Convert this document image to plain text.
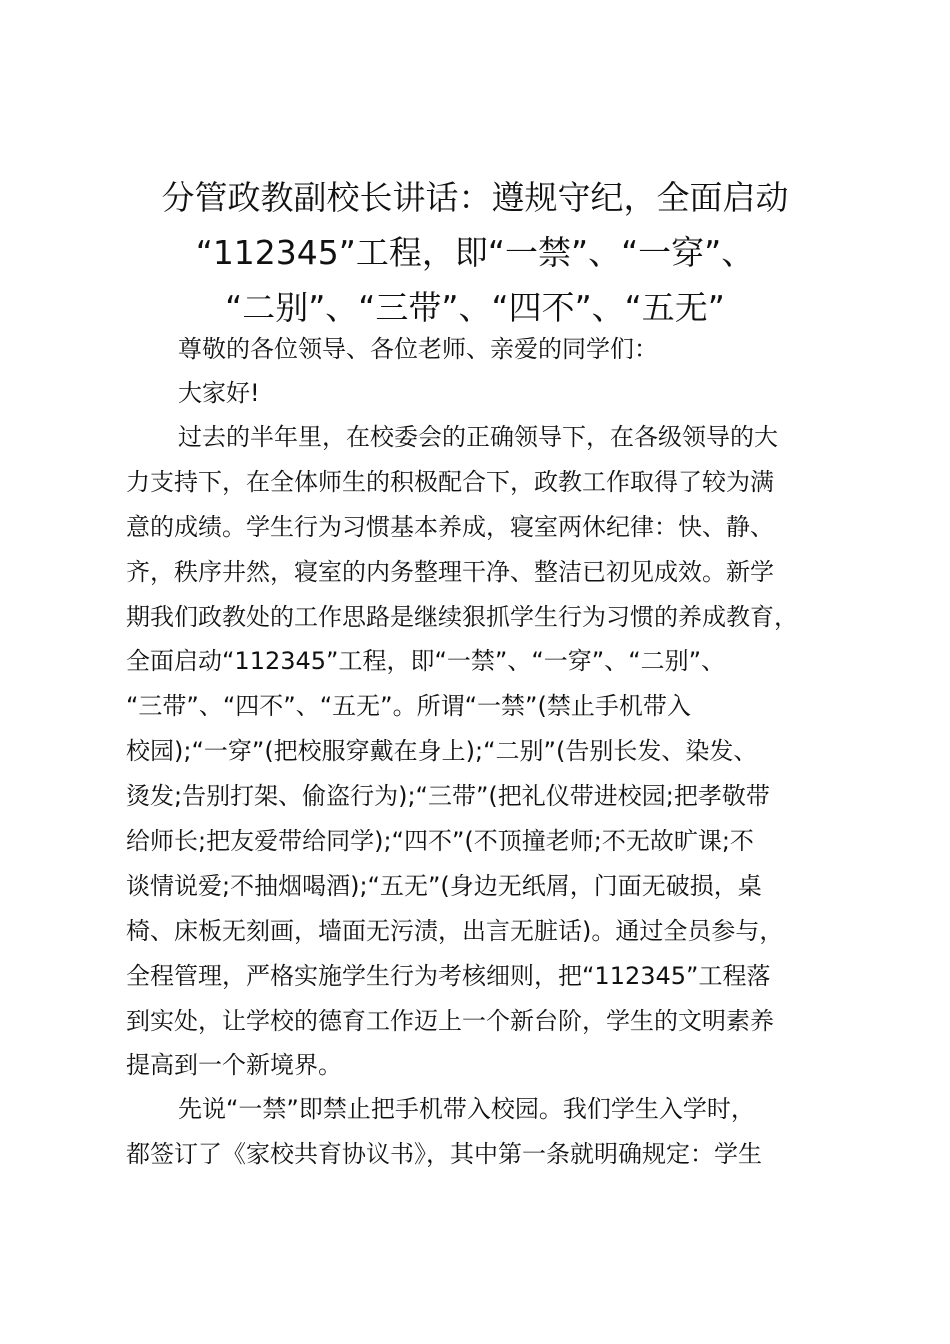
分管政教副校长讲话：遵规守纪，全面启动
“112345”工程，即“一禁”、“一穿”、
“二别”、“三带”、“四不”、“五无”

尊敬的各位领导、各位老师、亲爱的同学们：

大家好!

过去的半年里，在校委会的正确领导下，在各级领导的大
力支持下，在全体师生的积极配合下，政教工作取得了较为满
意的成绩。学生行为习惯基本养成，寝室两休纪律：快、静、
齐，秩序井然，寝室的内务整理干净、整洁已初见成效。新学
期我们政教处的工作思路是继续狠抓学生行为习惯的养成教育，
全面启动“112345”工程，即“一禁”、“一穿”、“二别”、
“三带”、“四不”、“五无”。所谓“一禁”(禁止手机带入
校园);“一穿”(把校服穿戴在身上);“二别”(告别长发、染发、
烫发;告别打架、偷盗行为);“三带”(把礼仪带进校园;把孝敬带
给师长;把友爱带给同学);“四不”(不顶撞老师;不无故旷课;不
谈情说爱;不抽烟喝酒);“五无”(身边无纸屑，门面无破损，桌
椅、床板无刻画，墙面无污渍，出言无脏话)。通过全员参与，
全程管理，严格实施学生行为考核细则，把“112345”工程落
到实处，让学校的德育工作迈上一个新台阶，学生的文明素养
提高到一个新境界。

先说“一禁”即禁止把手机带入校园。我们学生入学时，
都签订了《家校共育协议书》，其中第一条就明确规定：学生
